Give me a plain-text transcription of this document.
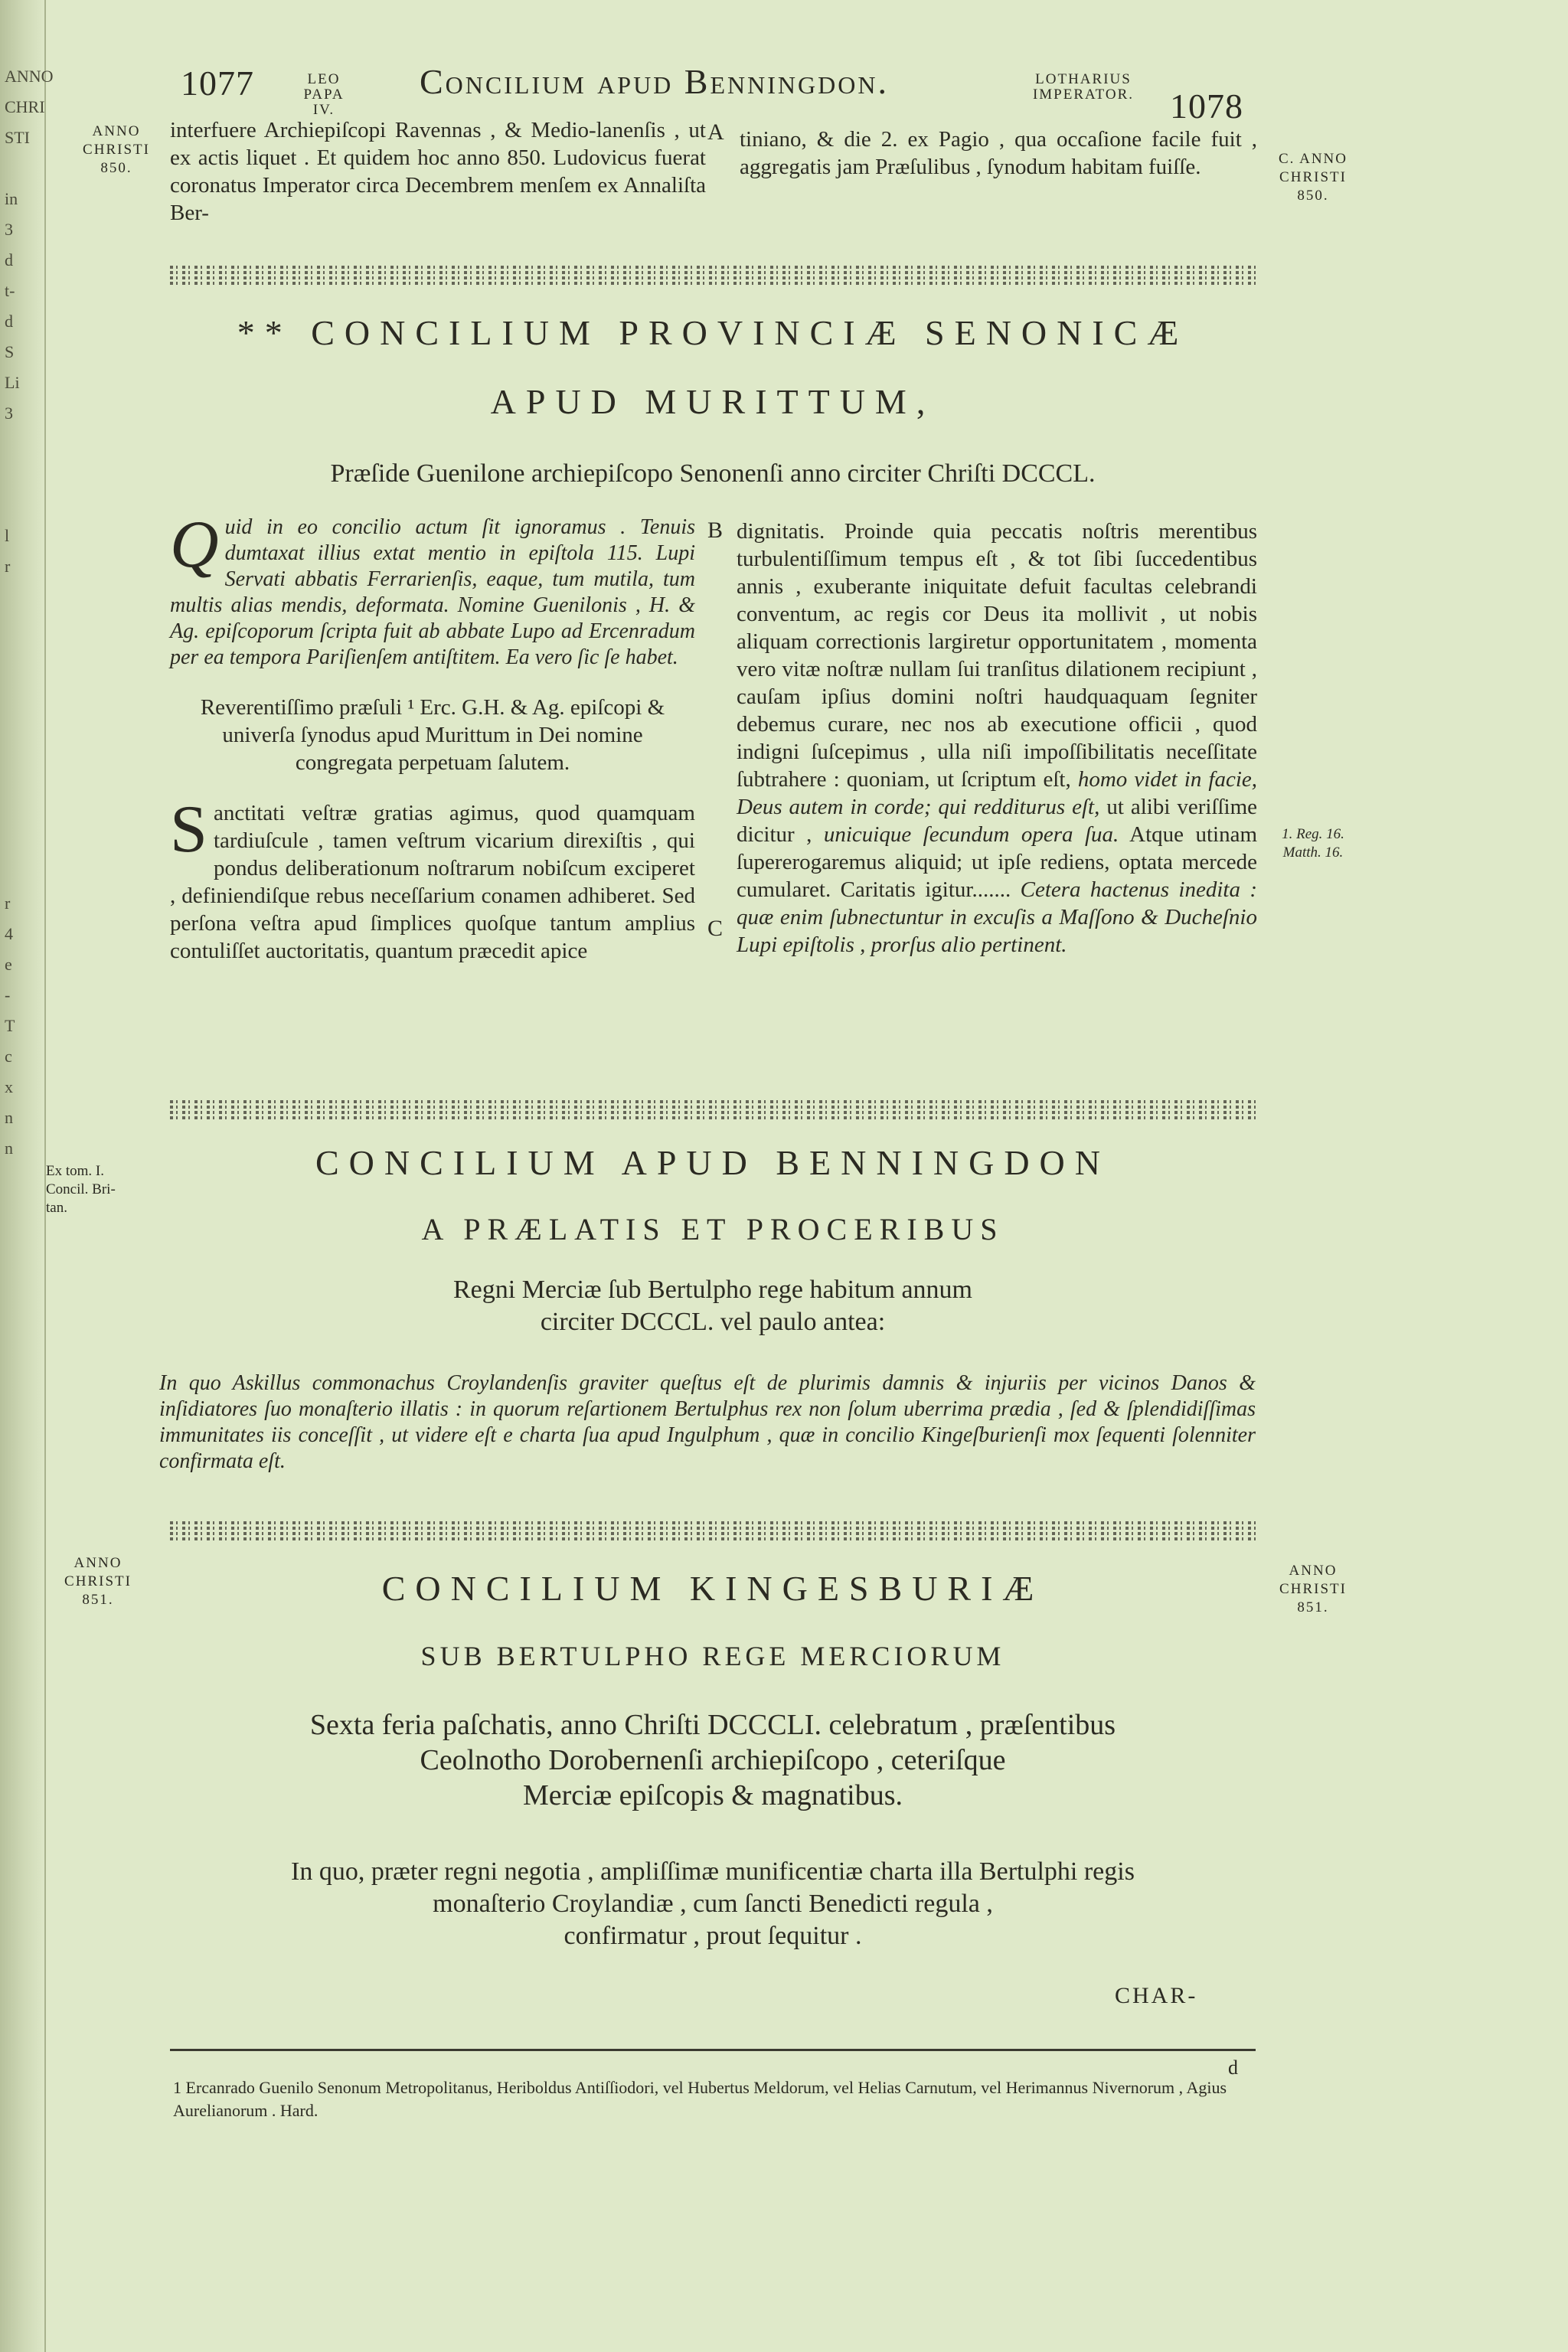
ANNO
CHRI
STI

in
3
d
t-
d
S
Li
3

l
r

r
4
e
-
T
c
x
n
n
1077	LEO PAPA
IV.
Concilium apud Benningdon.	LOTHARIUS
IMPERATOR.	1078
ANNO
CHRISTI
850.
C. ANNO
CHRISTI
850.
interfuere Archiepiſcopi Ravennas , & Medio-lanenſis , ut ex actis liquet . Et quidem hoc anno 850. Ludovicus fuerat coronatus Imperator circa Decembrem menſem ex Annaliſta Ber-
A tiniano, & die 2. ex Pagio , qua occaſione facile fuit , aggregatis jam Præſulibus , ſynodum habitam fuiſſe.
** CONCILIUM PROVINCIÆ SENONICÆ
APUD MURITTUM,
Præſide Guenilone archiepiſcopo Senonenſi anno circiter Chriſti DCCCL.
Quid in eo concilio actum ſit ignoramus . Tenuis dumtaxat illius extat mentio in epiſtola 115. Lupi Servati abbatis Ferrarienſis, eaque, tum mutila, tum multis alias mendis, deformata. Nomine Guenilonis , H. & Ag. epiſcoporum ſcripta fuit ab abbate Lupo ad Ercenradum per ea tempora Pariſienſem antiſtitem. Ea vero ſic ſe habet.
Reverentiſſimo præſuli ¹ Erc. G.H. & Ag. epiſcopi & univerſa ſynodus apud Murittum in Dei nomine congregata perpetuam ſalutem.
Sanctitati veſtræ gratias agimus, quod quamquam tardiuſcule , tamen veſtrum vicarium direxiſtis , qui pondus deliberationum noſtrarum nobiſcum exciperet , definiendiſque rebus neceſſarium conamen adhiberet. Sed perſona veſtra apud ſimplices quoſque tantum amplius contuliſſet auctoritatis, quantum præcedit apice
B
C
dignitatis. Proinde quia peccatis noſtris merentibus turbulentiſſimum tempus eſt , & tot ſibi ſuccedentibus annis , exuberante iniquitate defuit facultas celebrandi conventum, ac regis cor Deus ita mollivit , ut nobis aliquam correctionis largiretur opportunitatem , momenta vero vitæ noſtræ nullam ſui tranſitus dilationem recipiunt , cauſam ipſius domini noſtri haudquaquam ſegniter debemus curare, nec nos ab executione officii , quod indigni ſuſcepimus , ulla niſi impoſſibilitatis neceſſitate ſubtrahere : quoniam, ut ſcriptum eſt, homo videt in facie, Deus autem in corde; qui redditurus eſt, ut alibi veriſſime dicitur , unicuique ſecundum opera ſua. Atque utinam ſupererogaremus aliquid; ut ipſe rediens, optata mercede cumularet. Caritatis igitur....... Cetera hactenus inedita : quæ enim ſubnectuntur in excuſis a Maſſono & Ducheſnio Lupi epiſtolis , prorſus alio pertinent.
1. Reg. 16.
Matth. 16.
Ex tom. I.
Concil. Bri-
tan.
CONCILIUM APUD BENNINGDON
A PRÆLATIS ET PROCERIBUS
Regni Merciæ ſub Bertulpho rege habitum annum
circiter DCCCL. vel paulo antea:
In quo Askillus commonachus Croylandenſis graviter queſtus eſt de plurimis damnis & injuriis per vicinos Danos & inſidiatores ſuo monaſterio illatis : in quorum reſartionem Bertulphus rex non ſolum uberrima prædia , ſed & ſplendidiſſimas immunitates iis conceſſit , ut videre eſt e charta ſua apud Ingulphum , quæ in concilio Kingeſburienſi mox ſequenti ſolenniter confirmata eſt.
ANNO
CHRISTI
851.
ANNO
CHRISTI
851.
CONCILIUM KINGESBURIÆ
SUB BERTULPHO REGE MERCIORUM
Sexta feria paſchatis, anno Chriſti DCCCLI. celebratum , præſentibus
Ceolnotho Dorobernenſi archiepiſcopo , ceteriſque
Merciæ epiſcopis & magnatibus.
In quo, præter regni negotia , ampliſſimæ munificentiæ charta illa Bertulphi regis
monaſterio Croylandiæ , cum ſancti Benedicti regula ,
confirmatur , prout ſequitur .
CHAR-
d
1 Ercanrado Guenilo Senonum Metropolitanus, Heriboldus Antiſſiodori, vel Hubertus Meldorum, vel Helias Carnutum, vel Herimannus Nivernorum , Agius Aurelianorum . Hard.
